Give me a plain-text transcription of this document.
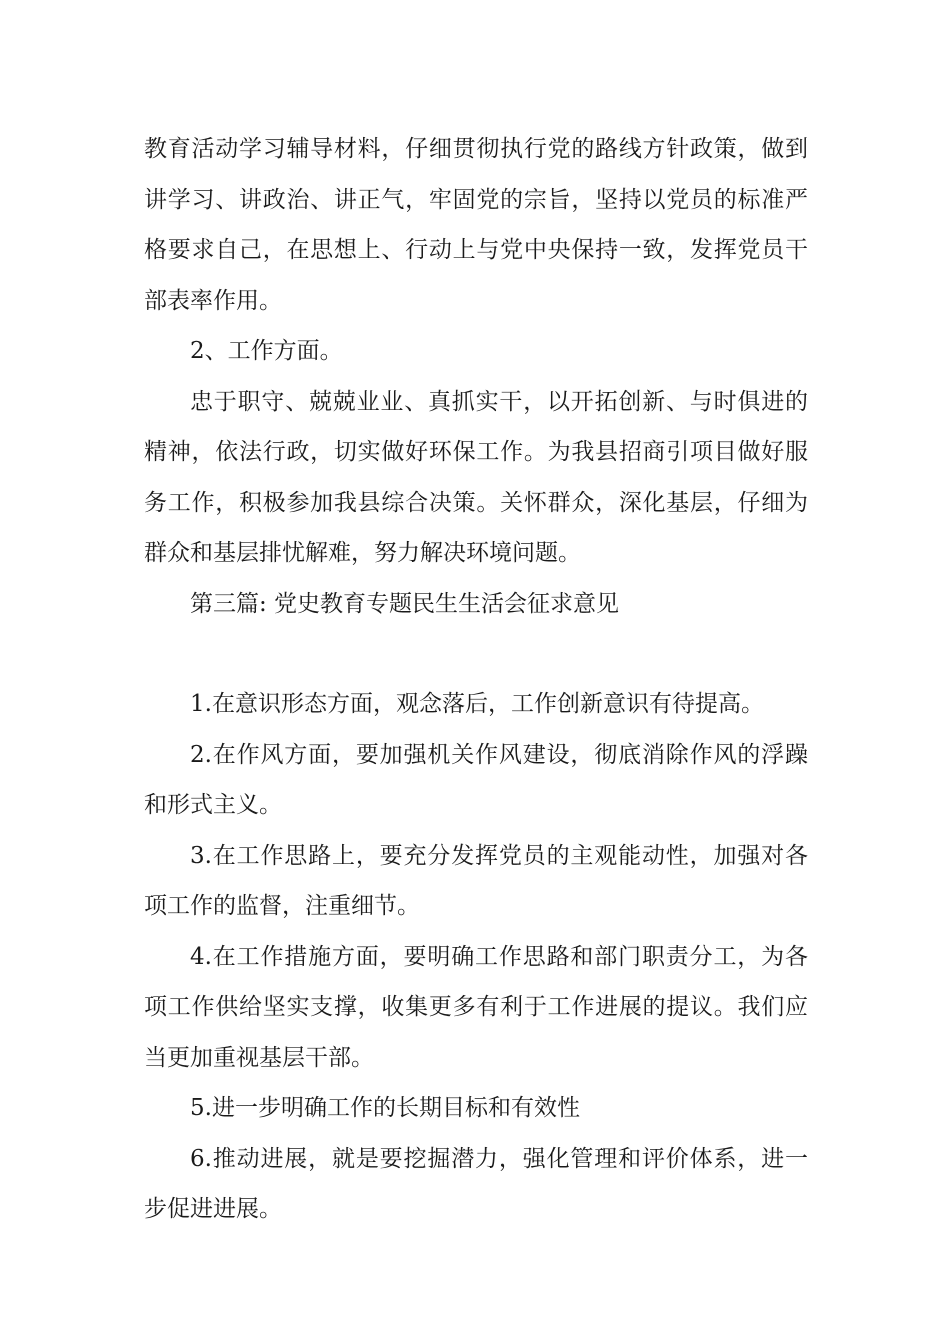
教育活动学习辅导材料，仔细贯彻执行党的路线方针政策，做到讲学习、讲政治、讲正气，牢固党的宗旨，坚持以党员的标准严格要求自己，在思想上、行动上与党中央保持一致，发挥党员干部表率作用。

2、工作方面。

忠于职守、兢兢业业、真抓实干，以开拓创新、与时俱进的精神，依法行政，切实做好环保工作。为我县招商引项目做好服务工作，积极参加我县综合决策。关怀群众，深化基层，仔细为群众和基层排忧解难，努力解决环境问题。

第三篇: 党史教育专题民生生活会征求意见

1.在意识形态方面，观念落后，工作创新意识有待提高。

2.在作风方面，要加强机关作风建设，彻底消除作风的浮躁和形式主义。

3.在工作思路上，要充分发挥党员的主观能动性，加强对各项工作的监督，注重细节。

4.在工作措施方面，要明确工作思路和部门职责分工，为各项工作供给坚实支撑，收集更多有利于工作进展的提议。我们应当更加重视基层干部。

5.进一步明确工作的长期目标和有效性

6.推动进展，就是要挖掘潜力，强化管理和评价体系，进一步促进进展。
